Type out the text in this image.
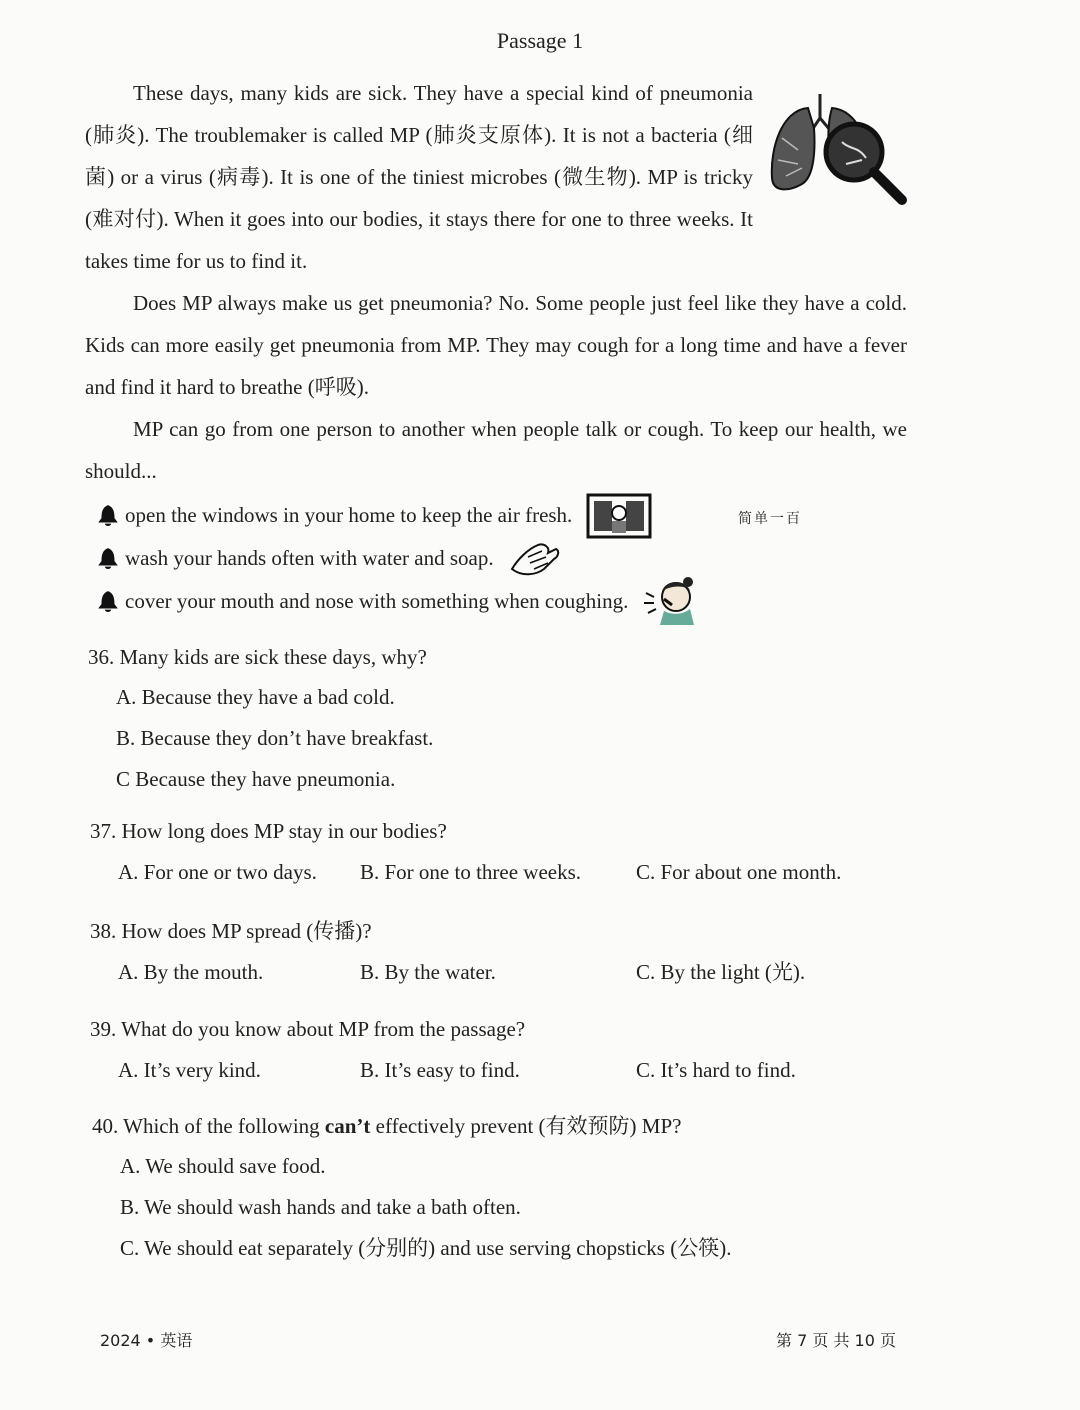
Passage 1
These days, many kids are sick. They have a special kind of pneumonia (肺炎). The troublemaker is called MP (肺炎支原体). It is not a bacteria (细菌) or a virus (病毒). It is one of the tiniest microbes (微生物). MP is tricky (难对付). When it goes into our bodies, it stays there for one to three weeks. It takes time for us to find it.
Does MP always make us get pneumonia? No. Some people just feel like they have a cold. Kids can more easily get pneumonia from MP. They may cough for a long time and have a fever and find it hard to breathe (呼吸).
MP can go from one person to another when people talk or cough. To keep our health, we should...
open the windows in your home to keep the air fresh.
wash your hands often with water and soap.
cover your mouth and nose with something when coughing.
简单一百
36. Many kids are sick these days, why?
A. Because they have a bad cold.
B. Because they don’t have breakfast.
C Because they have pneumonia.
37. How long does MP stay in our bodies?
A. For one or two days.	B. For one to three weeks.	C. For about one month.
38. How does MP spread (传播)?
A. By the mouth.	B. By the water.	C. By the light (光).
39. What do you know about MP from the passage?
A. It’s very kind.	B. It’s easy to find.	C. It’s hard to find.
40. Which of the following can’t effectively prevent (有效预防) MP?
A. We should save food.
B. We should wash hands and take a bath often.
C. We should eat separately (分别的) and use serving chopsticks (公筷).
2024 • 英语	第 7 页 共 10 页
